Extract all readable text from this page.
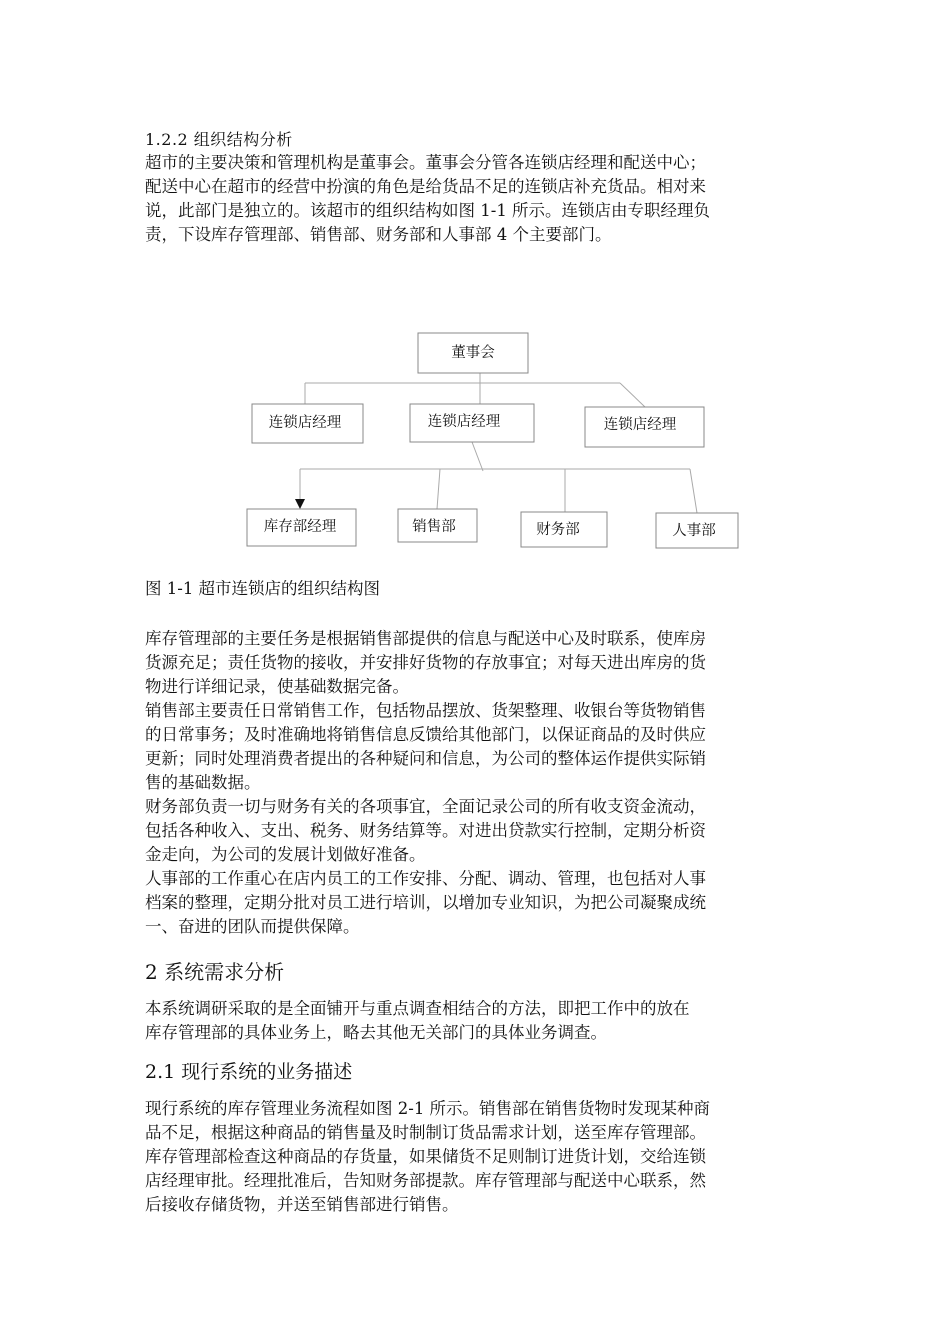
1.2.2 组织结构分析
超市的主要决策和管理机构是董事会。董事会分管各连锁店经理和配送中心；
配送中心在超市的经营中扮演的角色是给货品不足的连锁店补充货品。相对来
说，此部门是独立的。该超市的组织结构如图 1-1 所示。连锁店由专职经理负
责，下设库存管理部、销售部、财务部和人事部 4 个主要部门。
图 1-1 超市连锁店的组织结构图
库存管理部的主要任务是根据销售部提供的信息与配送中心及时联系，使库房
货源充足；责任货物的接收，并安排好货物的存放事宜；对每天进出库房的货
物进行详细记录，使基础数据完备。
销售部主要责任日常销售工作，包括物品摆放、货架整理、收银台等货物销售
的日常事务；及时准确地将销售信息反馈给其他部门，以保证商品的及时供应
更新；同时处理消费者提出的各种疑问和信息，为公司的整体运作提供实际销
售的基础数据。
财务部负责一切与财务有关的各项事宜，全面记录公司的所有收支资金流动，
包括各种收入、支出、税务、财务结算等。对进出贷款实行控制，定期分析资
金走向，为公司的发展计划做好准备。
人事部的工作重心在店内员工的工作安排、分配、调动、管理，也包括对人事
档案的整理，定期分批对员工进行培训，以增加专业知识，为把公司凝聚成统
一、奋进的团队而提供保障。
2 系统需求分析
本系统调研采取的是全面铺开与重点调查相结合的方法，即把工作中的放在
库存管理部的具体业务上，略去其他无关部门的具体业务调查。
2.1 现行系统的业务描述
现行系统的库存管理业务流程如图 2-1 所示。销售部在销售货物时发现某种商
品不足，根据这种商品的销售量及时制制订货品需求计划，送至库存管理部。
库存管理部检查这种商品的存货量，如果储货不足则制订进货计划，交给连锁
店经理审批。经理批准后，告知财务部提款。库存管理部与配送中心联系，然
后接收存储货物，并送至销售部进行销售。
董事会
连锁店经理	连锁店经理	连锁店经理
库存部经理	销售部	财务部	人事部
